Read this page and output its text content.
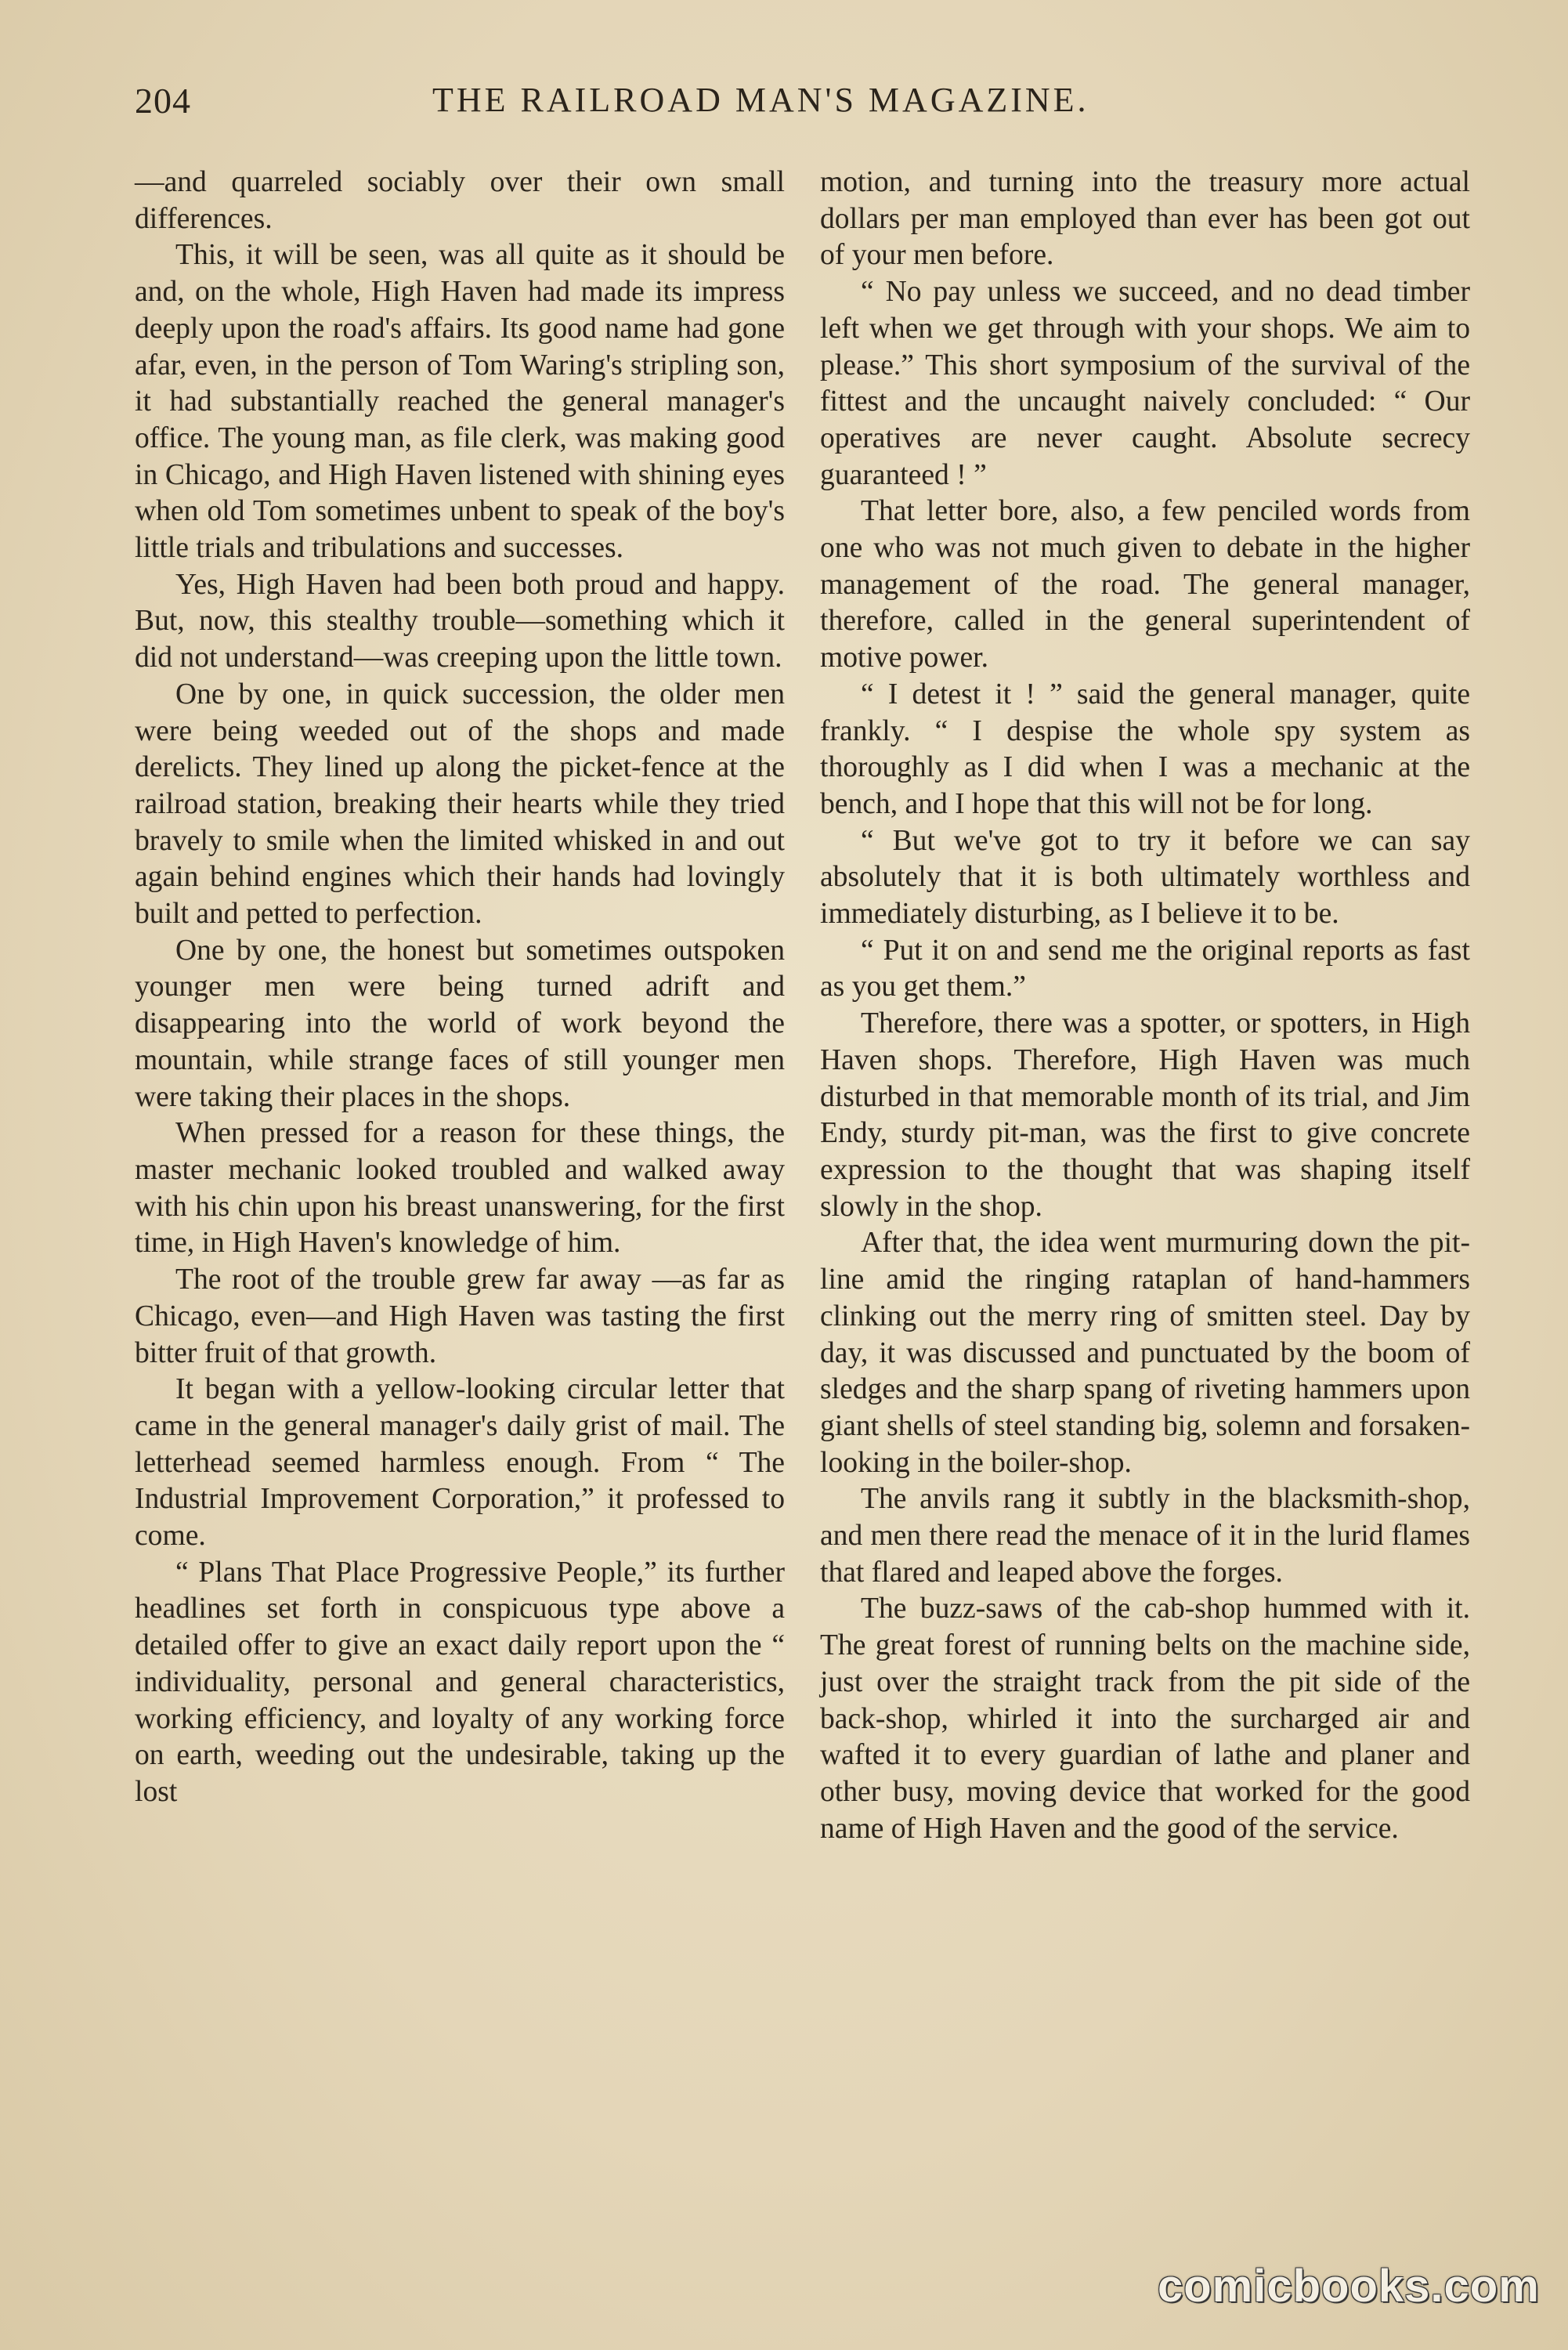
204	THE RAILROAD MAN'S MAGAZINE.

—and quarreled sociably over their own small differences.

This, it will be seen, was all quite as it should be and, on the whole, High Haven had made its impress deeply upon the road's affairs. Its good name had gone afar, even, in the person of Tom Waring's stripling son, it had substantially reached the general manager's office. The young man, as file clerk, was making good in Chicago, and High Haven listened with shining eyes when old Tom sometimes unbent to speak of the boy's little trials and tribulations and successes.

Yes, High Haven had been both proud and happy. But, now, this stealthy trouble—something which it did not understand—was creeping upon the little town.

One by one, in quick succession, the older men were being weeded out of the shops and made derelicts. They lined up along the picket-fence at the railroad station, breaking their hearts while they tried bravely to smile when the limited whisked in and out again behind engines which their hands had lovingly built and petted to perfection.

One by one, the honest but sometimes outspoken younger men were being turned adrift and disappearing into the world of work beyond the mountain, while strange faces of still younger men were taking their places in the shops.

When pressed for a reason for these things, the master mechanic looked troubled and walked away with his chin upon his breast unanswering, for the first time, in High Haven's knowledge of him.

The root of the trouble grew far away —as far as Chicago, even—and High Haven was tasting the first bitter fruit of that growth.

It began with a yellow-looking circular letter that came in the general manager's daily grist of mail. The letterhead seemed harmless enough. From “ The Industrial Improvement Corporation,” it professed to come.

“ Plans That Place Progressive People,” its further headlines set forth in conspicuous type above a detailed offer to give an exact daily report upon the “ individuality, personal and general characteristics, working efficiency, and loyalty of any working force on earth, weeding out the undesirable, taking up the lost

motion, and turning into the treasury more actual dollars per man employed than ever has been got out of your men before.

“ No pay unless we succeed, and no dead timber left when we get through with your shops. We aim to please.” This short symposium of the survival of the fittest and the uncaught naively concluded: “ Our operatives are never caught. Absolute secrecy guaranteed ! ”

That letter bore, also, a few penciled words from one who was not much given to debate in the higher management of the road. The general manager, therefore, called in the general superintendent of motive power.

“ I detest it ! ” said the general manager, quite frankly. “ I despise the whole spy system as thoroughly as I did when I was a mechanic at the bench, and I hope that this will not be for long.

“ But we've got to try it before we can say absolutely that it is both ultimately worthless and immediately disturbing, as I believe it to be.

“ Put it on and send me the original reports as fast as you get them.”

Therefore, there was a spotter, or spotters, in High Haven shops. Therefore, High Haven was much disturbed in that memorable month of its trial, and Jim Endy, sturdy pit-man, was the first to give concrete expression to the thought that was shaping itself slowly in the shop.

After that, the idea went murmuring down the pit-line amid the ringing rataplan of hand-hammers clinking out the merry ring of smitten steel. Day by day, it was discussed and punctuated by the boom of sledges and the sharp spang of riveting hammers upon giant shells of steel standing big, solemn and forsaken-looking in the boiler-shop.

The anvils rang it subtly in the blacksmith-shop, and men there read the menace of it in the lurid flames that flared and leaped above the forges.

The buzz-saws of the cab-shop hummed with it. The great forest of running belts on the machine side, just over the straight track from the pit side of the back-shop, whirled it into the surcharged air and wafted it to every guardian of lathe and planer and other busy, moving device that worked for the good name of High Haven and the good of the service.

comicbooks.com
